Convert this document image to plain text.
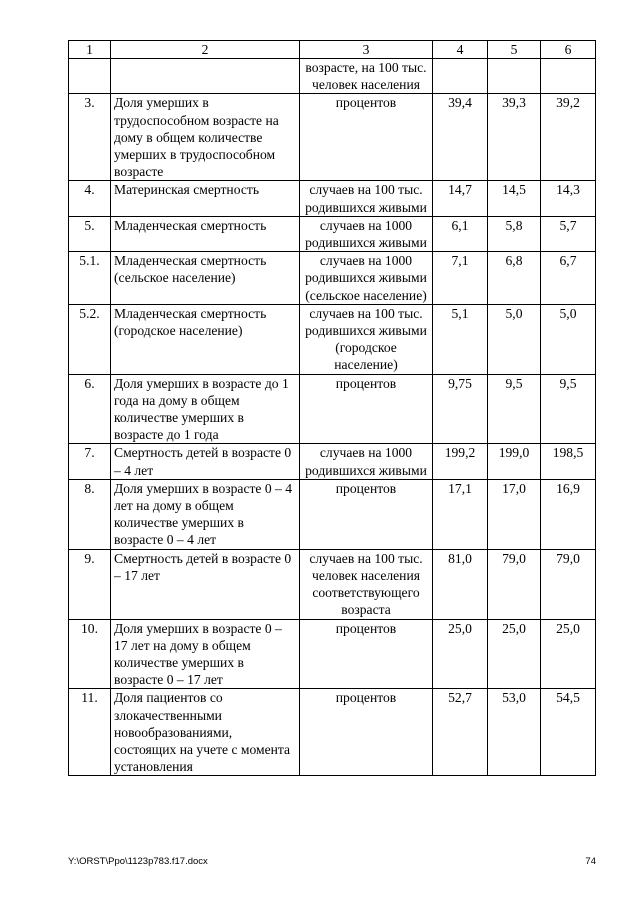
1	2	3	4	5	6
		возрасте, на 100 тыс. человек населения			
3.	Доля умерших в трудоспособном возрасте на дому в общем количестве умерших в трудоспособном возрасте	процентов	39,4	39,3	39,2
4.	Материнская смертность	случаев на 100 тыс. родившихся живыми	14,7	14,5	14,3
5.	Младенческая смертность	случаев на 1000 родившихся живыми	6,1	5,8	5,7
5.1.	Младенческая смертность (сельское население)	случаев на 1000 родившихся живыми (сельское население)	7,1	6,8	6,7
5.2.	Младенческая смертность (городское население)	случаев на 100 тыс. родившихся живыми (городское население)	5,1	5,0	5,0
6.	Доля умерших в возрасте до 1 года на дому в общем количестве умерших в возрасте до 1 года	процентов	9,75	9,5	9,5
7.	Смертность детей в возрасте 0 – 4 лет	случаев на 1000 родившихся живыми	199,2	199,0	198,5
8.	Доля умерших в возрасте 0 – 4 лет на дому в общем количестве умерших в возрасте 0 – 4 лет	процентов	17,1	17,0	16,9
9.	Смертность детей в возрасте 0 – 17 лет	случаев на 100 тыс. человек населения соответствующего возраста	81,0	79,0	79,0
10.	Доля умерших в возрасте 0 – 17 лет на дому в общем количестве умерших в возрасте 0 – 17 лет	процентов	25,0	25,0	25,0
11.	Доля пациентов со злокачественными новообразованиями, состоящих на учете с момента установления	процентов	52,7	53,0	54,5
Y:\ORST\Ppo\1123p783.f17.docx	74
